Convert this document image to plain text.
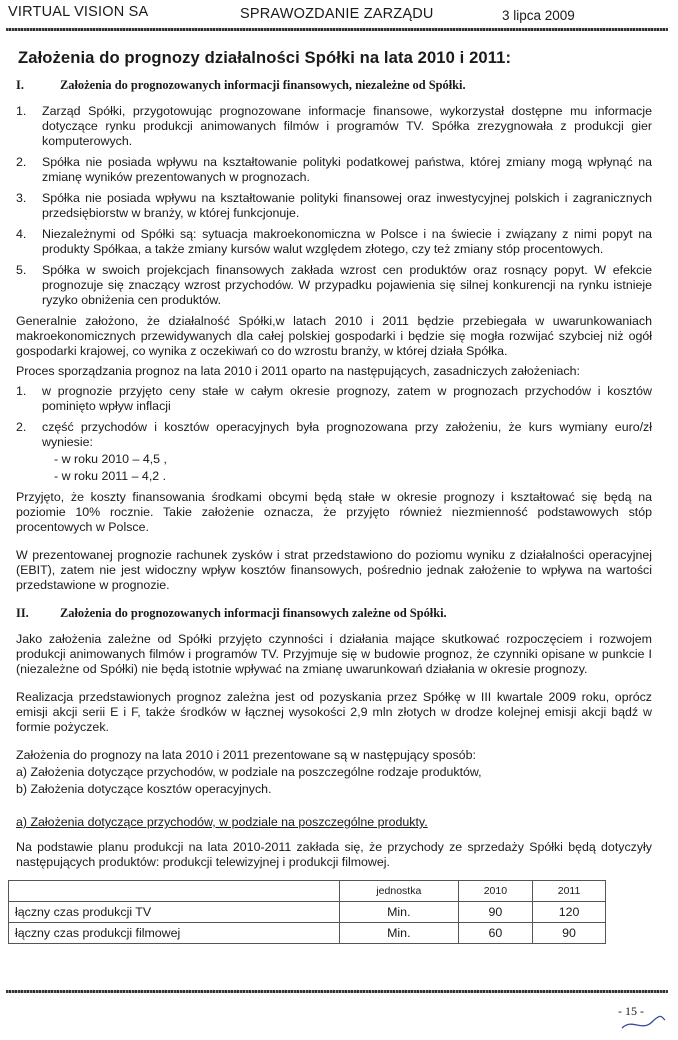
VIRTUAL VISION SA	SPRAWOZDANIE ZARZĄDU	3 lipca 2009
Założenia do prognozy działalności Spółki na lata 2010 i 2011:
I.	Założenia do prognozowanych informacji finansowych, niezależne od Spółki.
1.	Zarząd Spółki, przygotowując prognozowane informacje finansowe, wykorzystał dostępne mu informacje dotyczące rynku produkcji animowanych filmów i programów TV. Spółka zrezygnowała z produkcji gier komputerowych.
2.	Spółka nie posiada wpływu na kształtowanie polityki podatkowej państwa, której zmiany mogą wpłynąć na zmianę wyników prezentowanych w prognozach.
3.	Spółka nie posiada wpływu na kształtowanie polityki finansowej oraz inwestycyjnej polskich i zagranicznych przedsiębiorstw w branży, w której funkcjonuje.
4.	Niezależnymi od Spółki są: sytuacja makroekonomiczna w Polsce i na świecie i związany z nimi popyt na produkty Spółkaa, a także zmiany kursów walut względem złotego, czy też zmiany stóp procentowych.
5.	Spółka w swoich projekcjach finansowych zakłada wzrost cen produktów oraz rosnący popyt. W efekcie prognozuje się znaczący wzrost przychodów. W przypadku pojawienia się silnej konkurencji na rynku istnieje ryzyko obniżenia cen produktów.

Generalnie założono, że działalność Spółki,w latach 2010 i 2011 będzie przebiegała w uwarunkowaniach makroekonomicznych przewidywanych dla całej polskiej gospodarki i będzie się mogła rozwijać szybciej niż ogół gospodarki krajowej, co wynika z oczekiwań co do wzrostu branży, w której działa Spółka.

Proces sporządzania prognoz na lata 2010 i 2011 oparto na następujących, zasadniczych założeniach:

1.	w prognozie przyjęto ceny stałe w całym okresie prognozy, zatem w prognozach przychodów i kosztów pominięto wpływ inflacji
2.	część przychodów i kosztów operacyjnych była prognozowana przy założeniu, że kurs wymiany euro/zł wyniesie:
- w roku 2010 – 4,5 ,
- w roku 2011 – 4,2 .

Przyjęto, że koszty finansowania środkami obcymi będą stałe w okresie prognozy i kształtować się będą na poziomie 10% rocznie. Takie założenie oznacza, że przyjęto również niezmienność podstawowych stóp procentowych w Polsce.

W prezentowanej prognozie rachunek zysków i strat przedstawiono do poziomu wyniku z działalności operacyjnej (EBIT), zatem nie jest widoczny wpływ kosztów finansowych, pośrednio jednak założenie to wpływa na wartości przedstawione w prognozie.

II.	Założenia do prognozowanych informacji finansowych zależne od Spółki.

Jako założenia zależne od Spółki przyjęto czynności i działania mające skutkować rozpoczęciem i rozwojem produkcji animowanych filmów i programów TV. Przyjmuje się w budowie prognoz, że czynniki opisane w punkcie I (niezależne od Spółki) nie będą istotnie wpływać na zmianę uwarunkowań działania w okresie prognozy.

Realizacja przedstawionych prognoz zależna jest od pozyskania przez Spółkę w III kwartale 2009 roku, oprócz emisji akcji serii E i F, także środków w łącznej wysokości 2,9 mln złotych w drodze kolejnej emisji akcji bądź w formie pożyczek.

Założenia do prognozy na lata 2010 i 2011 prezentowane są w następujący sposób:

a) Założenia dotyczące przychodów, w podziale na poszczególne rodzaje produktów,
b) Założenia dotyczące kosztów operacyjnych.
a) Założenia dotyczące przychodów, w podziale na poszczególne produkty.

Na podstawie planu produkcji na lata 2010-2011 zakłada się, że przychody ze sprzedaży Spółki będą dotyczyły następujących produktów: produkcji telewizyjnej i produkcji filmowej.

	jednostka	2010	2011
łączny czas produkcji TV	Min.	90	120
łączny czas produkcji filmowej	Min.	60	90
- 15 -
